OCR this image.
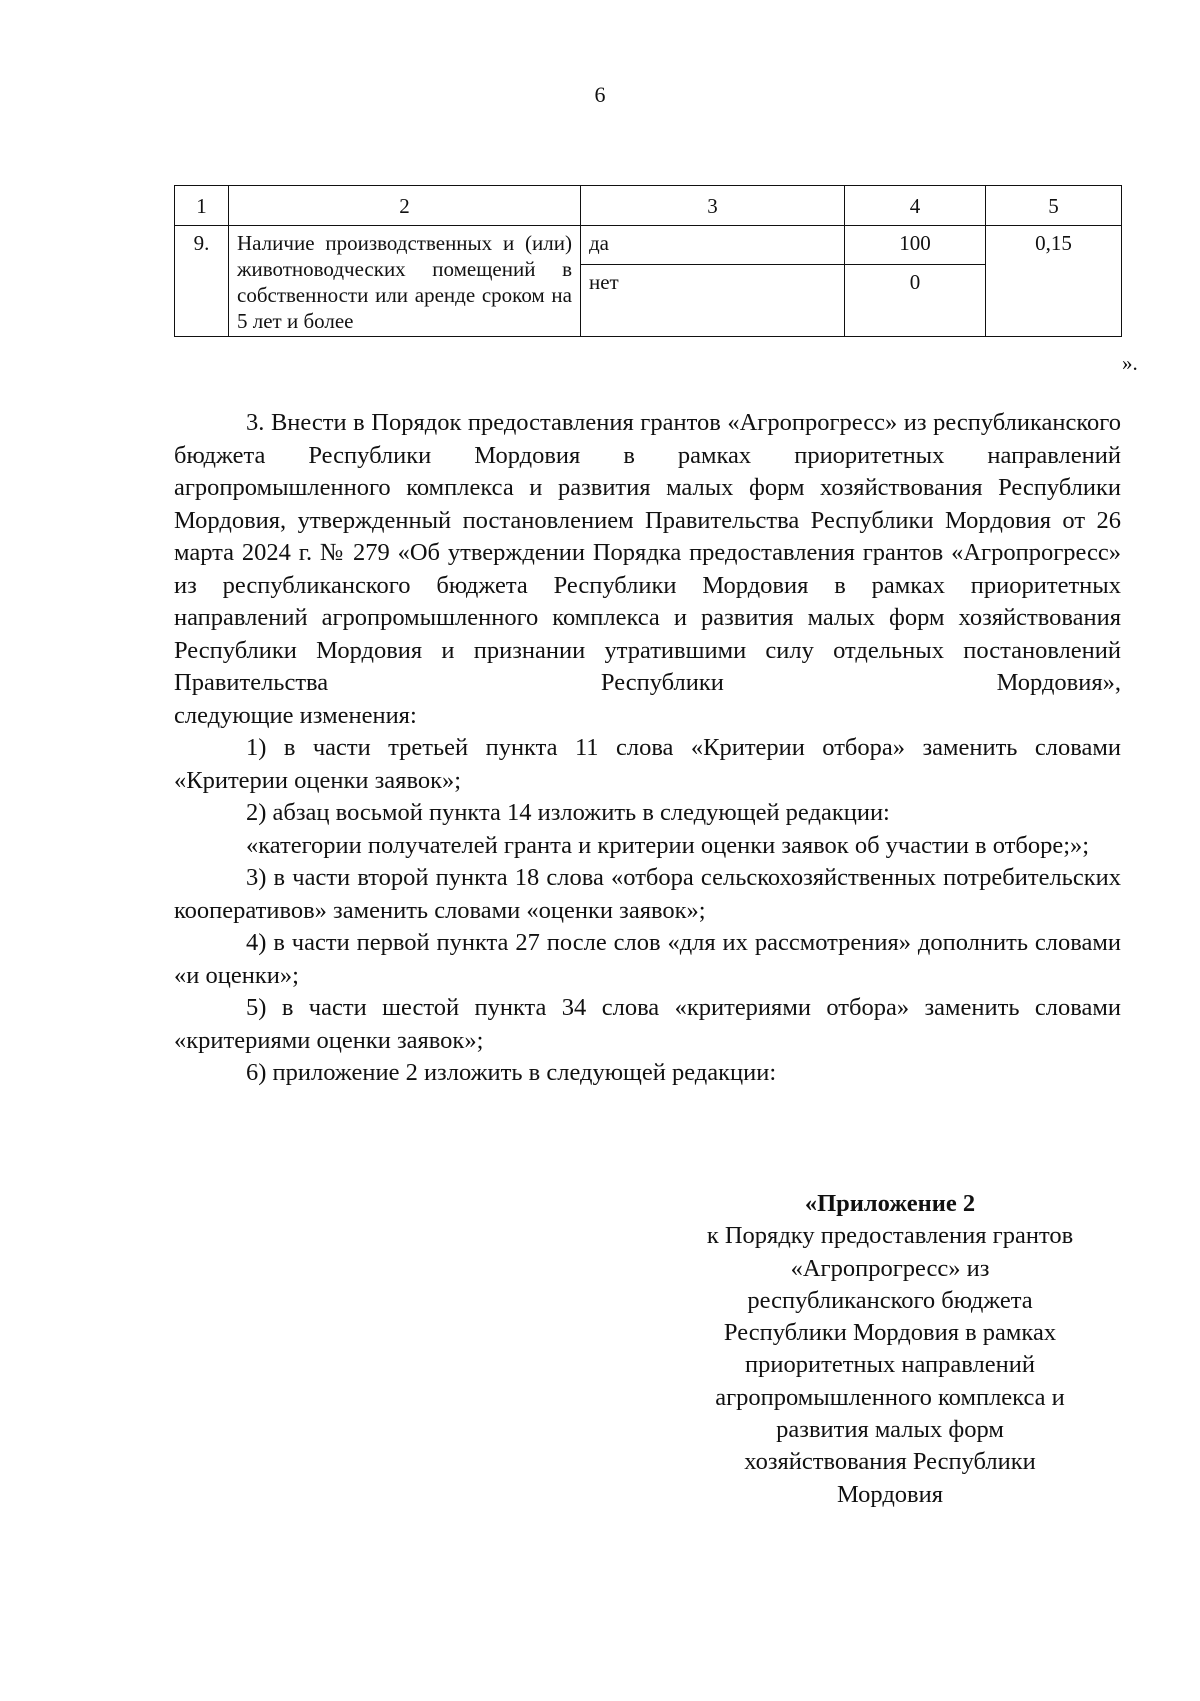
6
1	2	3	4	5
9.	Наличие производственных и (или) животноводческих помещений в собственности или аренде сроком на 5 лет и более	да	100	0,15
		нет	0	
».

3. Внести в Порядок предоставления грантов «Агропрогресс» из республиканского бюджета Республики Мордовия в рамках приоритетных направлений агропромышленного комплекса и развития малых форм хозяйствования Республики Мордовия, утвержденный постановлением Правительства Республики Мордовия от 26 марта 2024 г. № 279 «Об утверждении Порядка предоставления грантов «Агропрогресс» из республиканского бюджета Республики Мордовия в рамках приоритетных направлений агропромышленного комплекса и развития малых форм хозяйствования Республики Мордовия и признании утратившими силу отдельных постановлений Правительства Республики Мордовия»,

следующие изменения:

1) в части третьей пункта 11 слова «Критерии отбора» заменить словами «Критерии оценки заявок»;

2) абзац восьмой пункта 14 изложить в следующей редакции:

«категории получателей гранта и критерии оценки заявок об участии в отборе;»;

3) в части второй пункта 18 слова «отбора сельскохозяйственных потребительских кооперативов» заменить словами «оценки заявок»;

4) в части первой пункта 27 после слов «для их рассмотрения» дополнить словами «и оценки»;

5) в части шестой пункта 34 слова «критериями отбора» заменить словами «критериями оценки заявок»;

6) приложение 2 изложить в следующей редакции:

«Приложение 2
к Порядку предоставления грантов
«Агропрогресс» из
республиканского бюджета
Республики Мордовия в рамках
приоритетных направлений
агропромышленного комплекса и
развития малых форм
хозяйствования Республики
Мордовия
